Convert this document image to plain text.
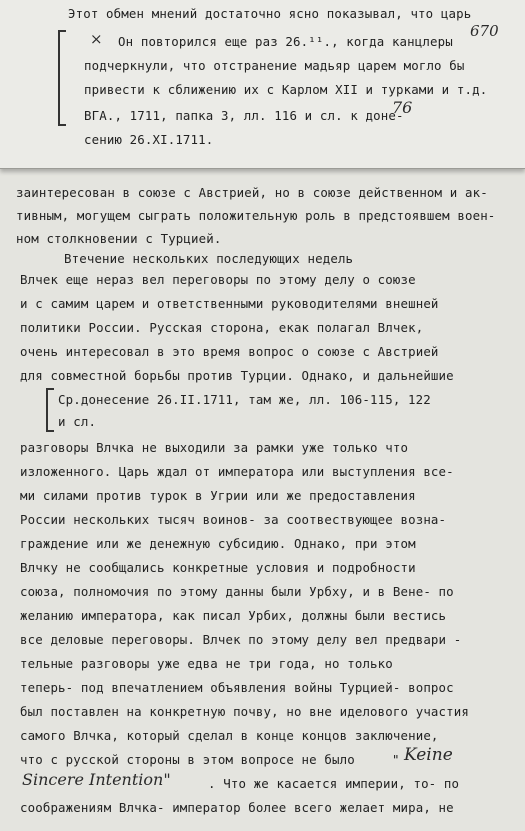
заинтересован в союзе с Австрией, но в союзе действенном и ак-
тивным, могущем сыграть положительную роль в предстоявшем воен-
ном столкновении с Турцией.
Втечение нескольких последующих недель
Влчек еще нераз вел переговоры по этому делу о союзе
и с самим царем и ответственными руководителями внешней
политики России. Русская сторона, екак полагал Влчек,
очень интересовал в это время вопрос о союзе с Австрией
для совместной борьбы против Турции. Однако, и дальнейшие
Ср.донесение 26.II.1711, там же, лл. 106-115, 122
и сл.
разговоры Влчка не выходили за рамки уже только что
изложенного. Царь ждал от императора или выступления все-
ми силами против турок в Угрии или же предоставления
России нескольких тысяч воинов- за соотвествующее возна-
граждение или же денежную субсидию. Однако, при этом
Влчку не сообщались конкретные условия и подробности
союза, полномочия по этому данны были Урбху, и в Вене- по
желанию императора, как писал Урбих, должны были вестись
все деловые переговоры. Влчек по этому делу вел предвари -
тельные разговоры уже едва не три года, но только
теперь- под впечатлением объявления войны Турцией- вопрос
был поставлен на конкретную почву, но вне иделового участия
самого Влчка, который сделал в конце концов заключение,
что с русской стороны в этом вопросе не было	" Keine
Sincere Intention"	. Что же касается империи, то- по
соображениям Влчка- император более всего желает мира, не
Этот обмен мнений достаточно ясно показывал, что царь
× Он повторился еще раз 26.¹¹., когда канцлеры
670
подчеркнули, что отстранение мадьяр царем могло бы
привести к сближению их с Карлом XII и турками и т.д.
ВГА., 1711, папка 3, лл. 116 и сл. к доне-
76
сению 26.XI.1711.
